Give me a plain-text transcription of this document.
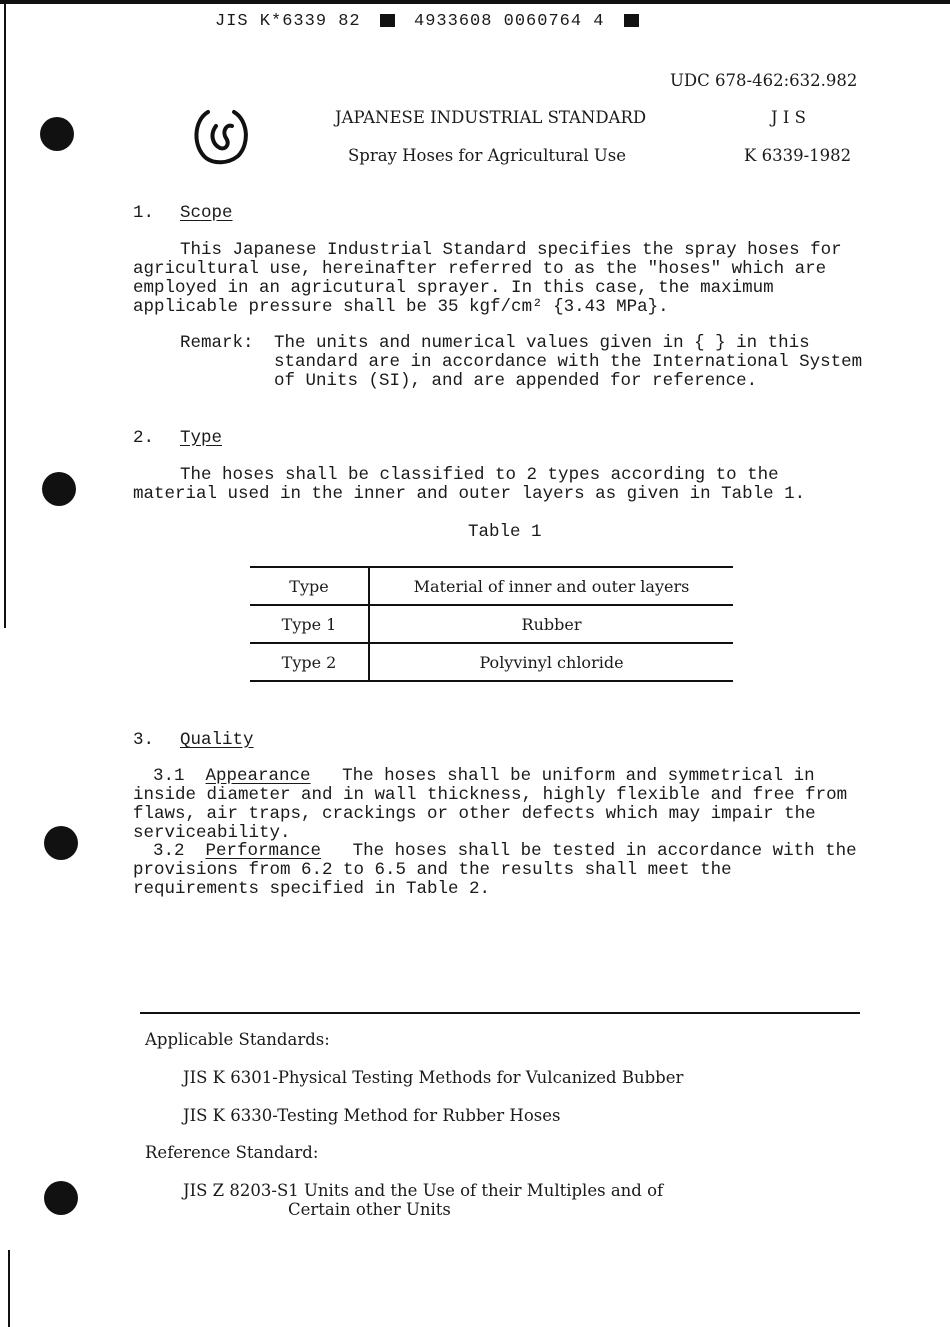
JIS K*6339 82	4933608 0060764 4
UDC 678-462:632.982
JAPANESE INDUSTRIAL STANDARD	J I S
Spray Hoses for Agricultural Use	K 6339-1982
1. Scope
This Japanese Industrial Standard specifies the spray hoses for agricultural use, hereinafter referred to as the "hoses" which are employed in an agricutural sprayer. In this case, the maximum applicable pressure shall be 35 kgf/cm² {3.43 MPa}.
Remark: The units and numerical values given in { } in this standard are in accordance with the International System of Units (SI), and are appended for reference.
2. Type
The hoses shall be classified to 2 types according to the material used in the inner and outer layers as given in Table 1.
Table 1
Type	Material of inner and outer layers
Type 1	Rubber
Type 2	Polyvinyl chloride
3. Quality
3.1 Appearance The hoses shall be uniform and symmetrical in inside diameter and in wall thickness, highly flexible and free from flaws, air traps, crackings or other defects which may impair the serviceability.
3.2 Performance The hoses shall be tested in accordance with the provisions from 6.2 to 6.5 and the results shall meet the requirements specified in Table 2.
Applicable Standards:
JIS K 6301-Physical Testing Methods for Vulcanized Bubber
JIS K 6330-Testing Method for Rubber Hoses
Reference Standard:
JIS Z 8203-S1 Units and the Use of their Multiples and of
Certain other Units
